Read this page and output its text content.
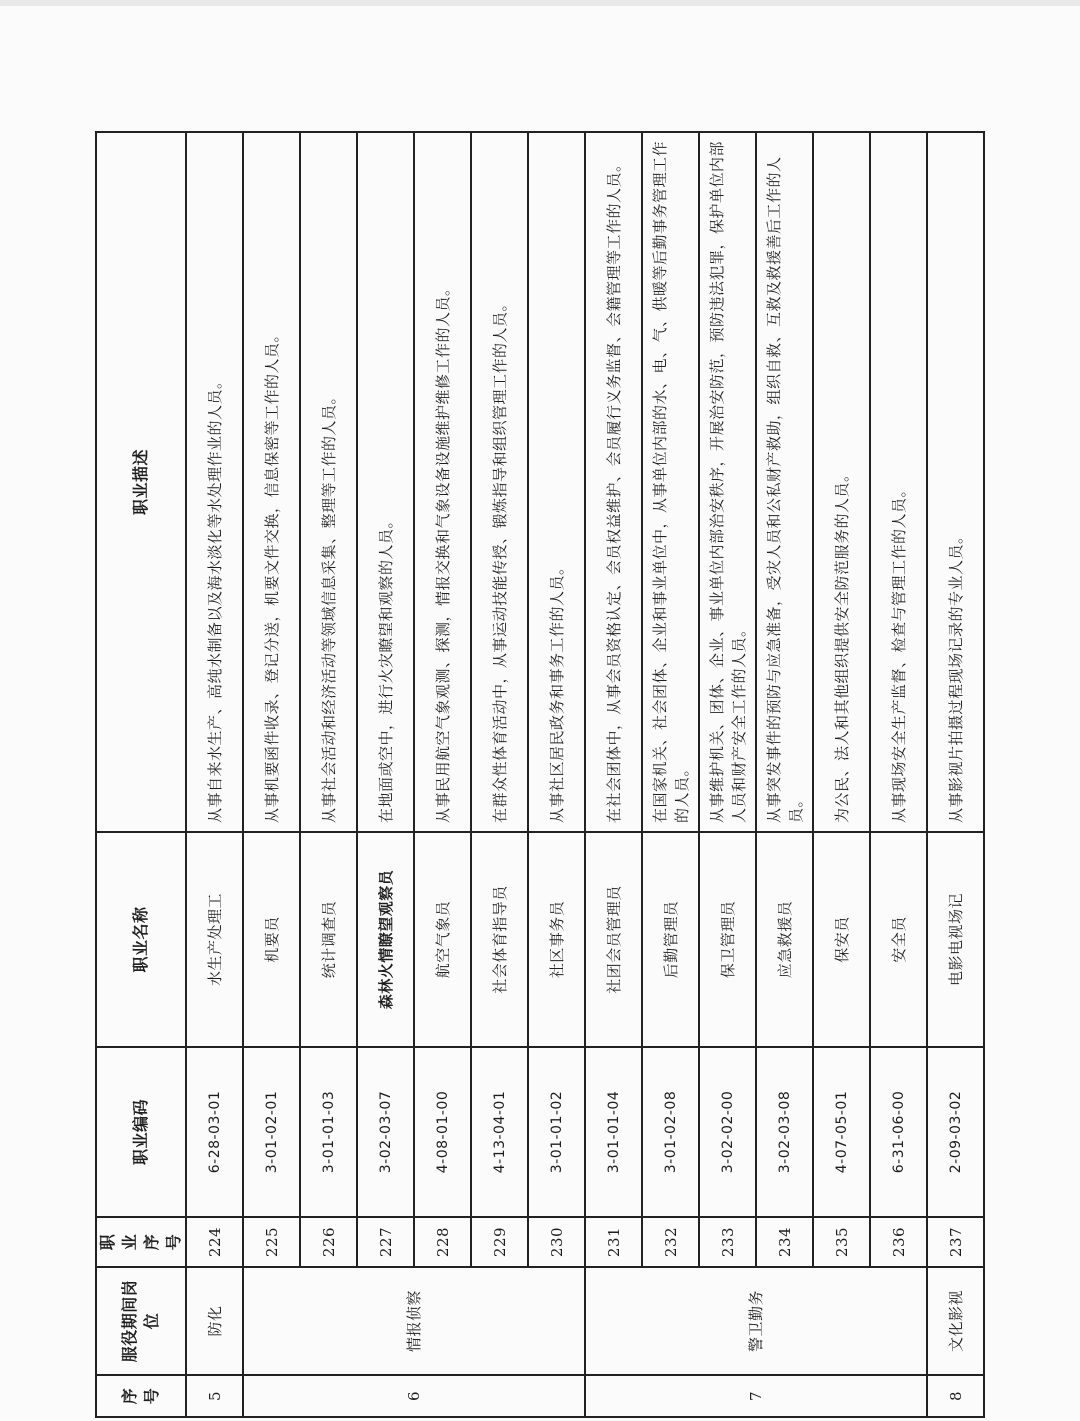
序号	服役期间岗位	职业序号	职业编码	职业名称	职业描述
5	防化	224	6-28-03-01	水生产处理工	从事自来水生产、高纯水制备以及海水淡化等水处理作业的人员。
6	情报侦察	225	3-01-02-01	机要员	从事机要函件收录、登记分送，机要文件交换，信息保密等工作的人员。
		226	3-01-01-03	统计调查员	从事社会活动和经济活动等领域信息采集、整理等工作的人员。
		227	3-02-03-07	森林火情瞭望观察员	在地面或空中，进行火灾瞭望和观察的人员。
		228	4-08-01-00	航空气象员	从事民用航空气象观测、探测，情报交换和气象设备设施维护维修工作的人员。
		229	4-13-04-01	社会体育指导员	在群众性体育活动中，从事运动技能传授、锻炼指导和组织管理工作的人员。
		230	3-01-01-02	社区事务员	从事社区居民政务和事务工作的人员。
7	警卫勤务	231	3-01-01-04	社团会员管理员	在社会团体中，从事会员资格认定、会员权益维护、会员履行义务监督、会籍管理等工作的人员。
		232	3-01-02-08	后勤管理员	在国家机关、社会团体、企业和事业单位中，从事单位内部的水、电、气、供暖等后勤事务管理工作的人员。
		233	3-02-02-00	保卫管理员	从事维护机关、团体、企业、事业单位内部治安秩序，开展治安防范，预防违法犯罪，保护单位内部人员和财产安全工作的人员。
		234	3-02-03-08	应急救援员	从事突发事件的预防与应急准备，受灾人员和公私财产救助，组织自救、互救及救援善后工作的人员。
		235	4-07-05-01	保安员	为公民、法人和其他组织提供安全防范服务的人员。
		236	6-31-06-00	安全员	从事现场安全生产监督、检查与管理工作的人员。
8	文化影视	237	2-09-03-02	电影电视场记	从事影视片拍摄过程现场记录的专业人员。
